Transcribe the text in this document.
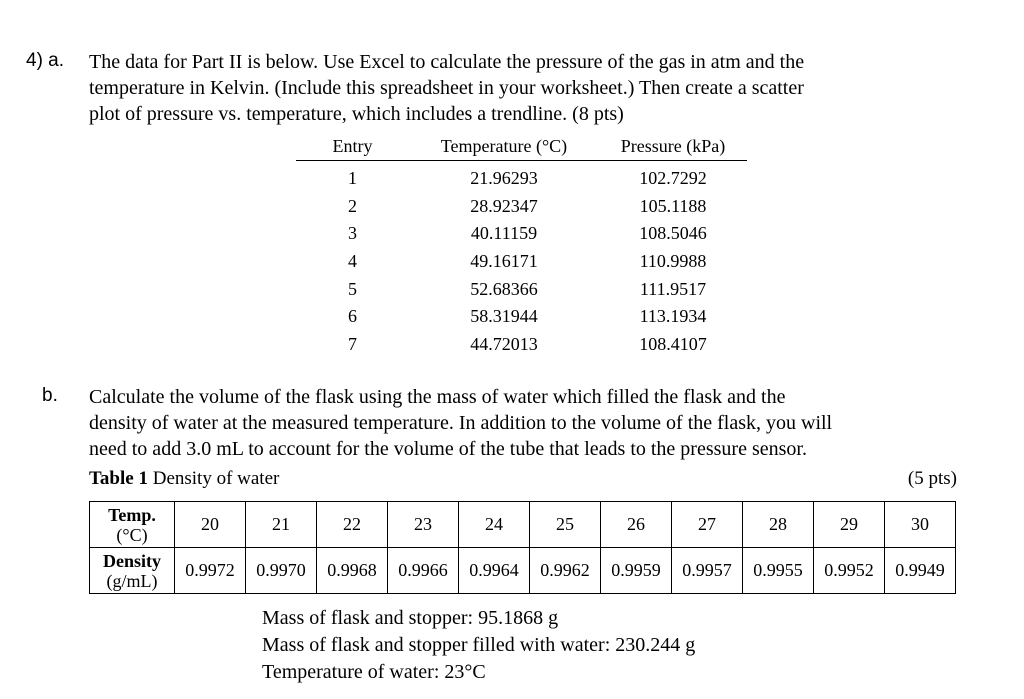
4) a. The data for Part II is below. Use Excel to calculate the pressure of the gas in atm and the
temperature in Kelvin. (Include this spreadsheet in your worksheet.) Then create a scatter
plot of pressure vs. temperature, which includes a trendline. (8 pts)
Entry	Temperature (°C)	Pressure (kPa)
1	21.96293	102.7292
2	28.92347	105.1188
3	40.11159	108.5046
4	49.16171	110.9988
5	52.68366	111.9517
6	58.31944	113.1934
7	44.72013	108.4107
b. Calculate the volume of the flask using the mass of water which filled the flask and the
density of water at the measured temperature. In addition to the volume of the flask, you will
need to add 3.0 mL to account for the volume of the tube that leads to the pressure sensor.
Table 1 Density of water	(5 pts)
Temp.
(°C)	20	21	22	23	24	25	26	27	28	29	30
Density
(g/mL)	0.9972	0.9970	0.9968	0.9966	0.9964	0.9962	0.9959	0.9957	0.9955	0.9952	0.9949
Mass of flask and stopper: 95.1868 g
Mass of flask and stopper filled with water: 230.244 g
Temperature of water: 23°C
